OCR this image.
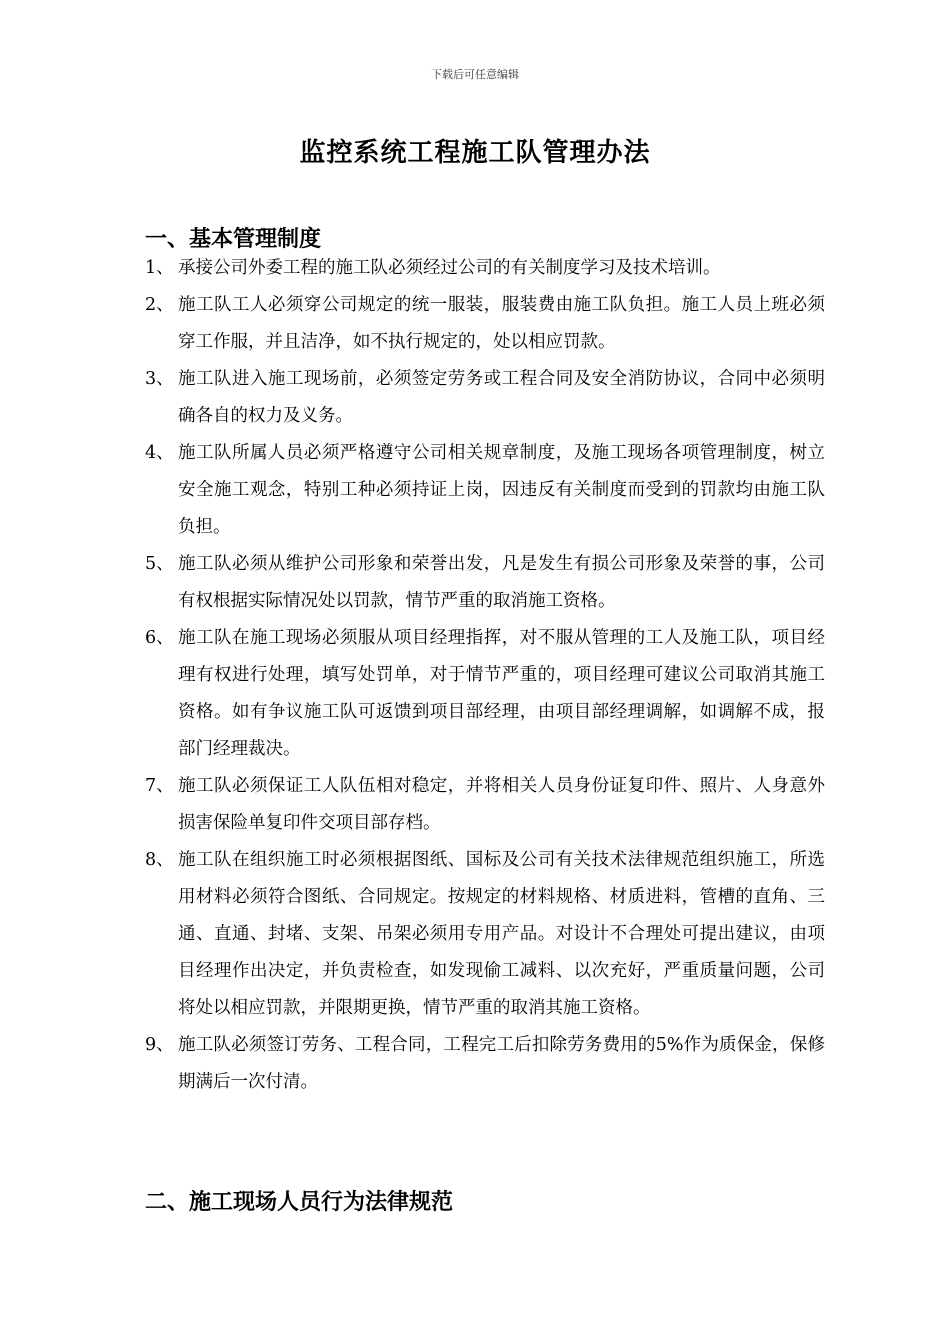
下载后可任意编辑
监控系统工程施工队管理办法
一、基本管理制度
1、 承接公司外委工程的施工队必须经过公司的有关制度学习及技术培训。
2、 施工队工人必须穿公司规定的统一服装，服装费由施工队负担。施工人员上班必须穿工作服，并且洁净，如不执行规定的，处以相应罚款。
3、 施工队进入施工现场前，必须签定劳务或工程合同及安全消防协议，合同中必须明确各自的权力及义务。
4、 施工队所属人员必须严格遵守公司相关规章制度，及施工现场各项管理制度，树立安全施工观念，特别工种必须持证上岗，因违反有关制度而受到的罚款均由施工队负担。
5、 施工队必须从维护公司形象和荣誉出发，凡是发生有损公司形象及荣誉的事，公司有权根据实际情况处以罚款，情节严重的取消施工资格。
6、 施工队在施工现场必须服从项目经理指挥，对不服从管理的工人及施工队，项目经理有权进行处理，填写处罚单，对于情节严重的，项目经理可建议公司取消其施工资格。如有争议施工队可返馈到项目部经理，由项目部经理调解，如调解不成，报部门经理裁决。
7、 施工队必须保证工人队伍相对稳定，并将相关人员身份证复印件、照片、人身意外损害保险单复印件交项目部存档。
8、 施工队在组织施工时必须根据图纸、国标及公司有关技术法律规范组织施工，所选用材料必须符合图纸、合同规定。按规定的材料规格、材质进料，管槽的直角、三通、直通、封堵、支架、吊架必须用专用产品。对设计不合理处可提出建议，由项目经理作出决定，并负责检查，如发现偷工减料、以次充好，严重质量问题，公司将处以相应罚款，并限期更换，情节严重的取消其施工资格。
9、 施工队必须签订劳务、工程合同，工程完工后扣除劳务费用的5%作为质保金，保修期满后一次付清。
二、施工现场人员行为法律规范
